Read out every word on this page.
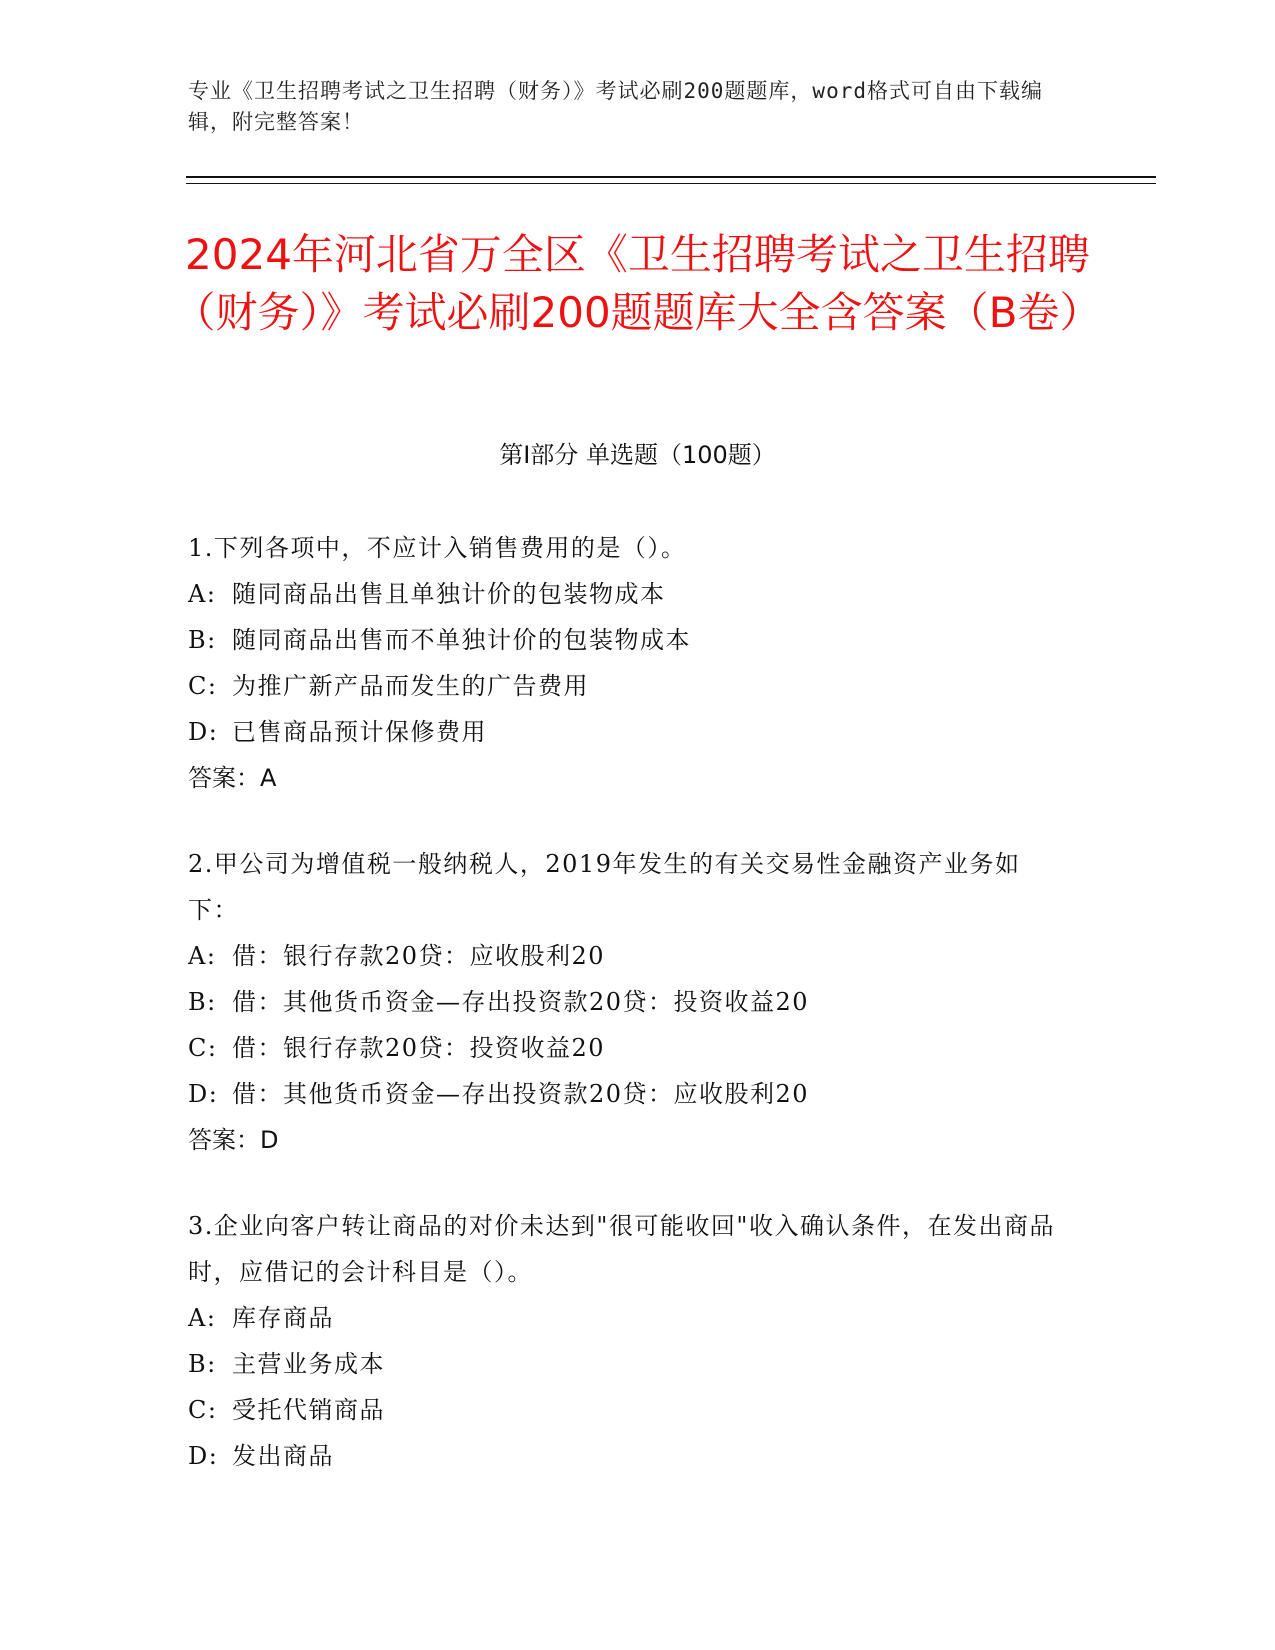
专业《卫生招聘考试之卫生招聘（财务）》考试必刷200题题库，word格式可自由下载编辑，附完整答案！
2024年河北省万全区《卫生招聘考试之卫生招聘（财务）》考试必刷200题题库大全含答案（B卷）
第Ⅰ部分 单选题（100题）
1.下列各项中，不应计入销售费用的是（）。
A: 随同商品出售且单独计价的包装物成本
B: 随同商品出售而不单独计价的包装物成本
C: 为推广新产品而发生的广告费用
D: 已售商品预计保修费用
答案：A
2.甲公司为增值税一般纳税人，2019年发生的有关交易性金融资产业务如下：
A: 借：银行存款20贷：应收股利20
B: 借：其他货币资金—存出投资款20贷：投资收益20
C: 借：银行存款20贷：投资收益20
D: 借：其他货币资金—存出投资款20贷：应收股利20
答案：D
3.企业向客户转让商品的对价未达到"很可能收回"收入确认条件，在发出商品时，应借记的会计科目是（）。
A: 库存商品
B: 主营业务成本
C: 受托代销商品
D: 发出商品
